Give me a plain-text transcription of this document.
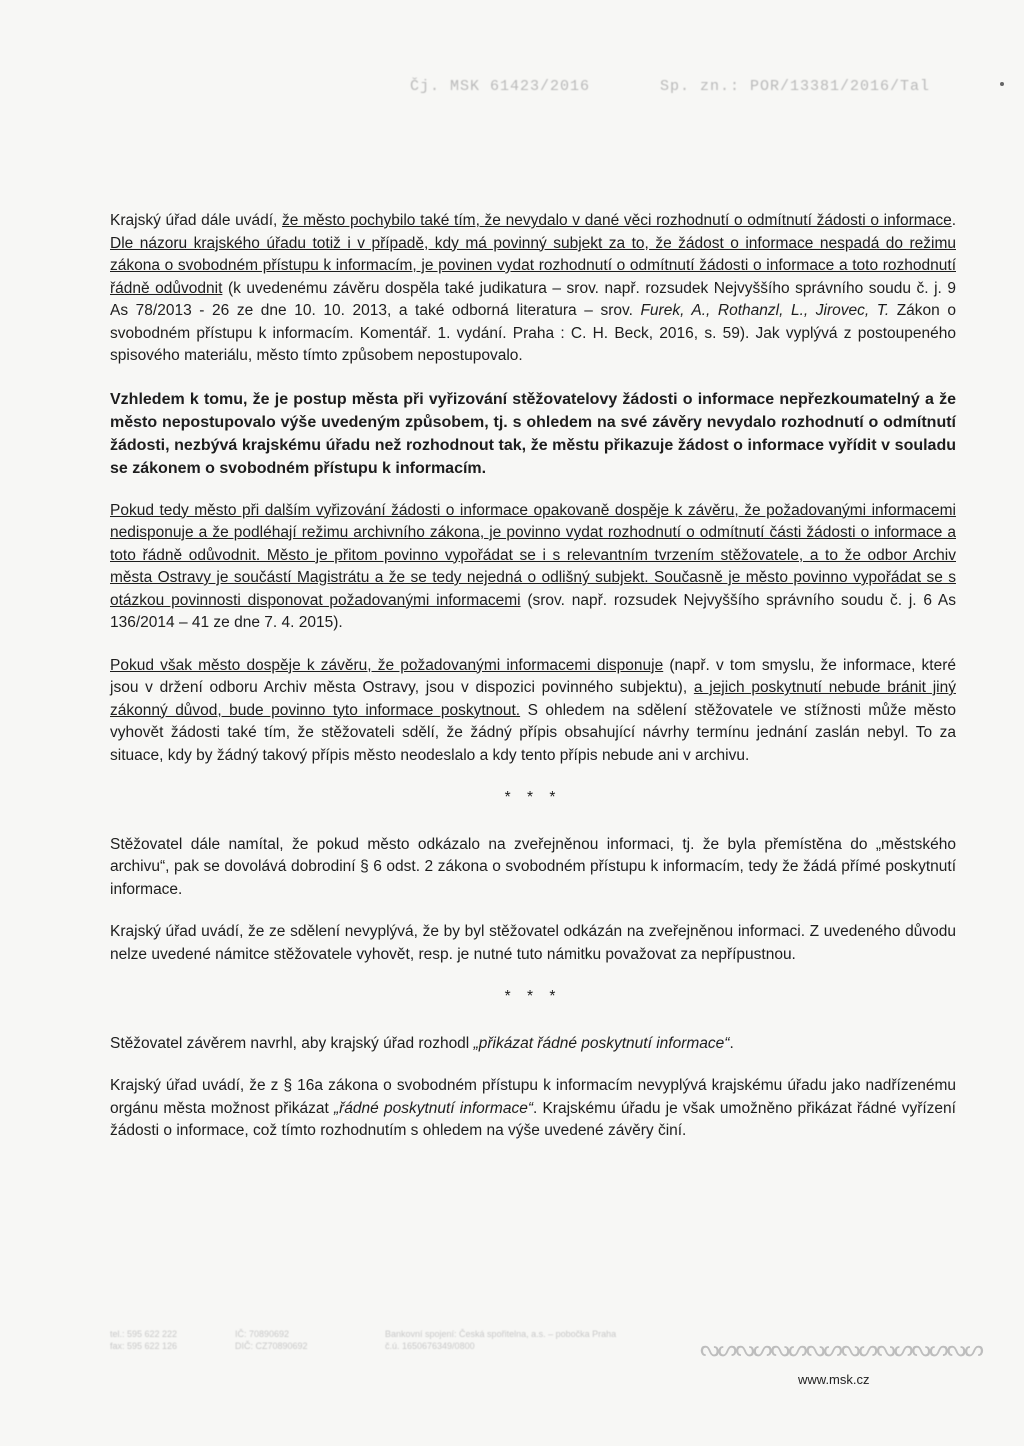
Čj. MSK 61423/2016	Sp. zn.: POR/13381/2016/Tal

Krajský úřad dále uvádí, že město pochybilo také tím, že nevydalo v dané věci rozhodnutí o odmítnutí žádosti o informace. Dle názoru krajského úřadu totiž i v případě, kdy má povinný subjekt za to, že žádost o informace nespadá do režimu zákona o svobodném přístupu k informacím, je povinen vydat rozhodnutí o odmítnutí žádosti o informace a toto rozhodnutí řádně odůvodnit (k uvedenému závěru dospěla také judikatura – srov. např. rozsudek Nejvyššího správního soudu č. j. 9 As 78/2013 - 26 ze dne 10. 10. 2013, a také odborná literatura – srov. Furek, A., Rothanzl, L., Jirovec, T. Zákon o svobodném přístupu k informacím. Komentář. 1. vydání. Praha : C. H. Beck, 2016, s. 59). Jak vyplývá z postoupeného spisového materiálu, město tímto způsobem nepostupovalo.

Vzhledem k tomu, že je postup města při vyřizování stěžovatelovy žádosti o informace nepřezkoumatelný a že město nepostupovalo výše uvedeným způsobem, tj. s ohledem na své závěry nevydalo rozhodnutí o odmítnutí žádosti, nezbývá krajskému úřadu než rozhodnout tak, že městu přikazuje žádost o informace vyřídit v souladu se zákonem o svobodném přístupu k informacím.

Pokud tedy město při dalším vyřizování žádosti o informace opakovaně dospěje k závěru, že požadovanými informacemi nedisponuje a že podléhají režimu archivního zákona, je povinno vydat rozhodnutí o odmítnutí části žádosti o informace a toto řádně odůvodnit. Město je přitom povinno vypořádat se i s relevantním tvrzením stěžovatele, a to že odbor Archiv města Ostravy je součástí Magistrátu a že se tedy nejedná o odlišný subjekt. Současně je město povinno vypořádat se s otázkou povinnosti disponovat požadovanými informacemi (srov. např. rozsudek Nejvyššího správního soudu č. j. 6 As 136/2014 – 41 ze dne 7. 4. 2015).

Pokud však město dospěje k závěru, že požadovanými informacemi disponuje (např. v tom smyslu, že informace, které jsou v držení odboru Archiv města Ostravy, jsou v dispozici povinného subjektu), a jejich poskytnutí nebude bránit jiný zákonný důvod, bude povinno tyto informace poskytnout. S ohledem na sdělení stěžovatele ve stížnosti může město vyhovět žádosti také tím, že stěžovateli sdělí, že žádný přípis obsahující návrhy termínu jednání zaslán nebyl. To za situace, kdy by žádný takový přípis město neodeslalo a kdy tento přípis nebude ani v archivu.

* * *

Stěžovatel dále namítal, že pokud město odkázalo na zveřejněnou informaci, tj. že byla přemístěna do „městského archivu“, pak se dovolává dobrodiní § 6 odst. 2 zákona o svobodném přístupu k informacím, tedy že žádá přímé poskytnutí informace.

Krajský úřad uvádí, že ze sdělení nevyplývá, že by byl stěžovatel odkázán na zveřejněnou informaci. Z uvedeného důvodu nelze uvedené námitce stěžovatele vyhovět, resp. je nutné tuto námitku považovat za nepřípustnou.

* * *

Stěžovatel závěrem navrhl, aby krajský úřad rozhodl „přikázat řádné poskytnutí informace“.

Krajský úřad uvádí, že z § 16a zákona o svobodném přístupu k informacím nevyplývá krajskému úřadu jako nadřízenému orgánu města možnost přikázat „řádné poskytnutí informace“. Krajskému úřadu je však umožněno přikázat řádné vyřízení žádosti o informace, což tímto rozhodnutím s ohledem na výše uvedené závěry činí.

tel.: 595 622 222
fax: 595 622 126
IČ: 70890692
DIČ: CZ70890692
Bankovní spojení: Česká spořitelna, a.s. – pobočka Praha
č.ú. 1650676349/0800	ᔓᔕᔓᔕᔓᔕᔓᔕᔓᔕᔓᔕᔓᔕᔓᔕ
www.msk.cz
